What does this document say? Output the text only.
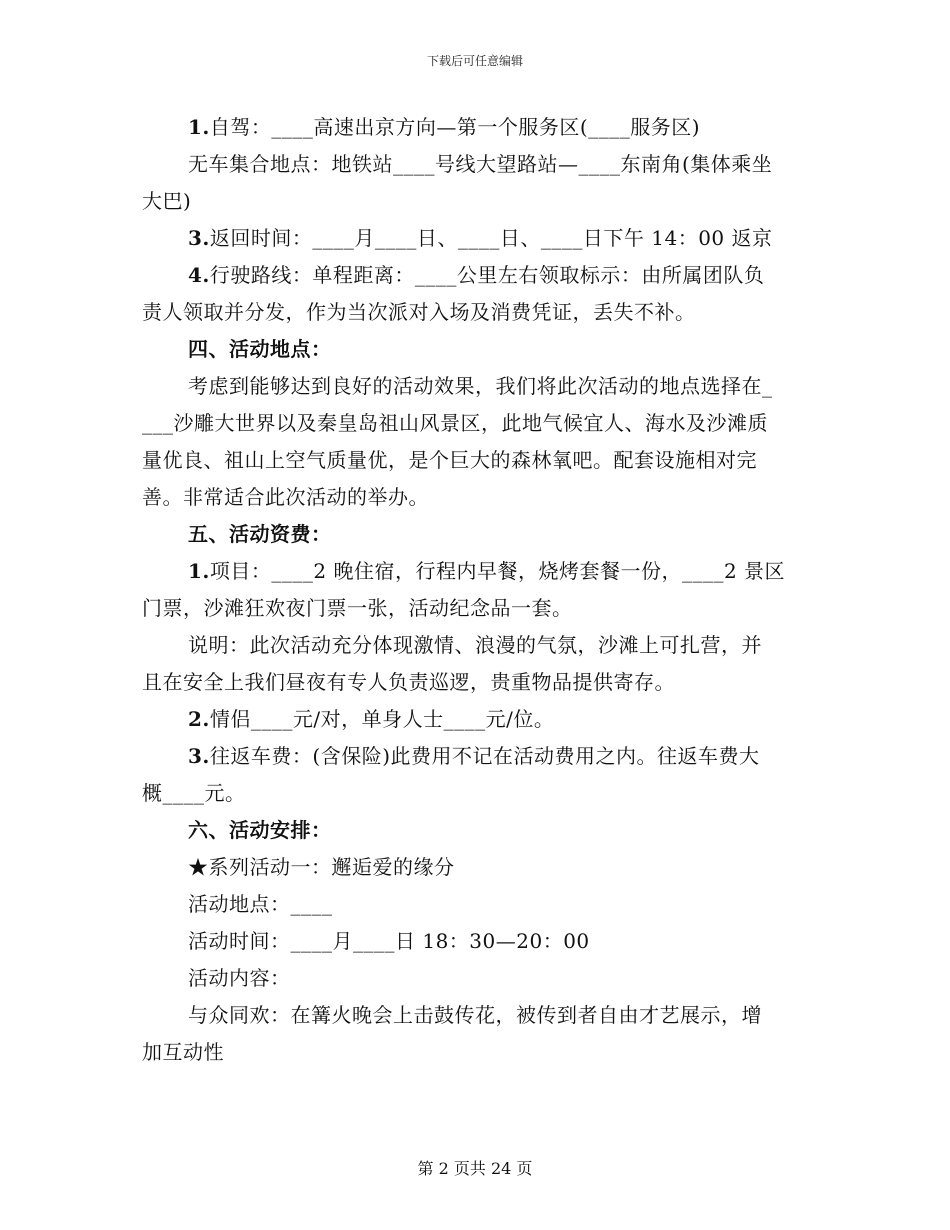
下载后可任意编辑
1.自驾：____高速出京方向—第一个服务区(____服务区)
无车集合地点：地铁站____号线大望路站—____东南角(集体乘坐
大巴)
3.返回时间：____月____日、____日、____日下午 14：00 返京
4.行驶路线：单程距离：____公里左右领取标示：由所属团队负
责人领取并分发，作为当次派对入场及消费凭证，丢失不补。
四、活动地点：
考虑到能够达到良好的活动效果，我们将此次活动的地点选择在_
___沙雕大世界以及秦皇岛祖山风景区，此地气候宜人、海水及沙滩质
量优良、祖山上空气质量优，是个巨大的森林氧吧。配套设施相对完
善。非常适合此次活动的举办。
五、活动资费：
1.项目：____2 晚住宿，行程内早餐，烧烤套餐一份，____2 景区
门票，沙滩狂欢夜门票一张，活动纪念品一套。
说明：此次活动充分体现激情、浪漫的气氛，沙滩上可扎营，并
且在安全上我们昼夜有专人负责巡逻，贵重物品提供寄存。
2.情侣____元/对，单身人士____元/位。
3.往返车费：(含保险)此费用不记在活动费用之内。往返车费大
概____元。
六、活动安排：
★系列活动一：邂逅爱的缘分
活动地点：____
活动时间：____月____日 18：30—20：00
活动内容：
与众同欢：在篝火晚会上击鼓传花，被传到者自由才艺展示，增
加互动性
第 2 页共 24 页
